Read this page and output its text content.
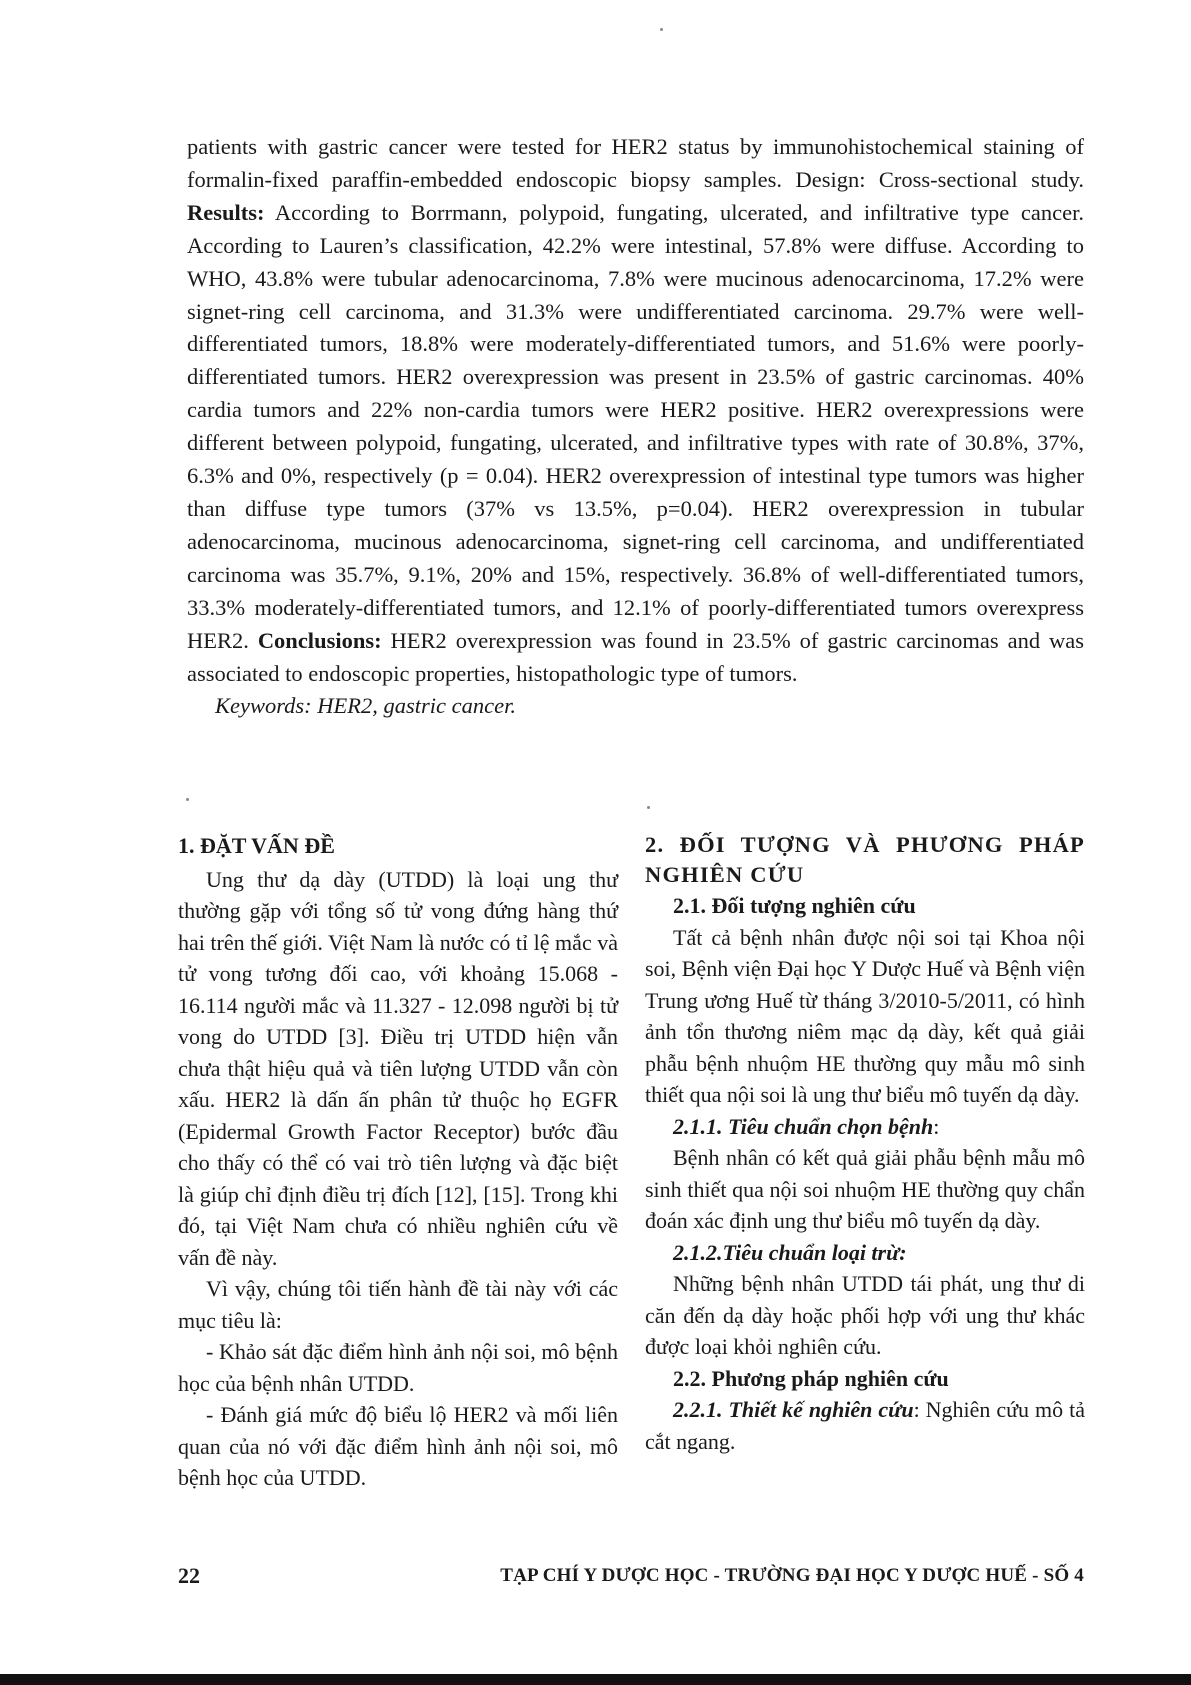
patients with gastric cancer were tested for HER2 status by immunohistochemical staining of formalin-fixed paraffin-embedded endoscopic biopsy samples. Design: Cross-sectional study. Results: According to Borrmann, polypoid, fungating, ulcerated, and infiltrative type cancer. According to Lauren’s classification, 42.2% were intestinal, 57.8% were diffuse. According to WHO, 43.8% were tubular adenocarcinoma, 7.8% were mucinous adenocarcinoma, 17.2% were signet-ring cell carcinoma, and 31.3% were undifferentiated carcinoma. 29.7% were well-differentiated tumors, 18.8% were moderately-differentiated tumors, and 51.6% were poorly-differentiated tumors. HER2 overexpression was present in 23.5% of gastric carcinomas. 40% cardia tumors and 22% non-cardia tumors were HER2 positive. HER2 overexpressions were different between polypoid, fungating, ulcerated, and infiltrative types with rate of 30.8%, 37%, 6.3% and 0%, respectively (p = 0.04). HER2 overexpression of intestinal type tumors was higher than diffuse type tumors (37% vs 13.5%, p=0.04). HER2 overexpression in tubular adenocarcinoma, mucinous adenocarcinoma, signet-ring cell carcinoma, and undifferentiated carcinoma was 35.7%, 9.1%, 20% and 15%, respectively. 36.8% of well-differentiated tumors, 33.3% moderately-differentiated tumors, and 12.1% of poorly-differentiated tumors overexpress HER2. Conclusions: HER2 overexpression was found in 23.5% of gastric carcinomas and was associated to endoscopic properties, histopathologic type of tumors.

Keywords: HER2, gastric cancer.

1. ĐẶT VẤN ĐỀ

Ung thư dạ dày (UTDD) là loại ung thư thường gặp với tổng số tử vong đứng hàng thứ hai trên thế giới. Việt Nam là nước có tỉ lệ mắc và tử vong tương đối cao, với khoảng 15.068 - 16.114 người mắc và 11.327 - 12.098 người bị tử vong do UTDD [3]. Điều trị UTDD hiện vẫn chưa thật hiệu quả và tiên lượng UTDD vẫn còn xấu. HER2 là dấn ấn phân tử thuộc họ EGFR (Epidermal Growth Factor Receptor) bước đầu cho thấy có thể có vai trò tiên lượng và đặc biệt là giúp chỉ định điều trị đích [12], [15]. Trong khi đó, tại Việt Nam chưa có nhiều nghiên cứu về vấn đề này.

Vì vậy, chúng tôi tiến hành đề tài này với các mục tiêu là:

- Khảo sát đặc điểm hình ảnh nội soi, mô bệnh học của bệnh nhân UTDD.

- Đánh giá mức độ biểu lộ HER2 và mối liên quan của nó với đặc điểm hình ảnh nội soi, mô bệnh học của UTDD.

2. ĐỐI TƯỢNG VÀ PHƯƠNG PHÁP NGHIÊN CỨU

2.1. Đối tượng nghiên cứu

Tất cả bệnh nhân được nội soi tại Khoa nội soi, Bệnh viện Đại học Y Dược Huế và Bệnh viện Trung ương Huế từ tháng 3/2010-5/2011, có hình ảnh tổn thương niêm mạc dạ dày, kết quả giải phẫu bệnh nhuộm HE thường quy mẫu mô sinh thiết qua nội soi là ung thư biểu mô tuyến dạ dày.

2.1.1. Tiêu chuẩn chọn bệnh:

Bệnh nhân có kết quả giải phẫu bệnh mẫu mô sinh thiết qua nội soi nhuộm HE thường quy chẩn đoán xác định ung thư biểu mô tuyến dạ dày.

2.1.2.Tiêu chuẩn loại trừ:

Những bệnh nhân UTDD tái phát, ung thư di căn đến dạ dày hoặc phối hợp với ung thư khác được loại khỏi nghiên cứu.

2.2. Phương pháp nghiên cứu

2.2.1. Thiết kế nghiên cứu: Nghiên cứu mô tả cắt ngang.

22	TẠP CHÍ Y DƯỢC HỌC - TRƯỜNG ĐẠI HỌC Y DƯỢC HUẾ - SỐ 4
